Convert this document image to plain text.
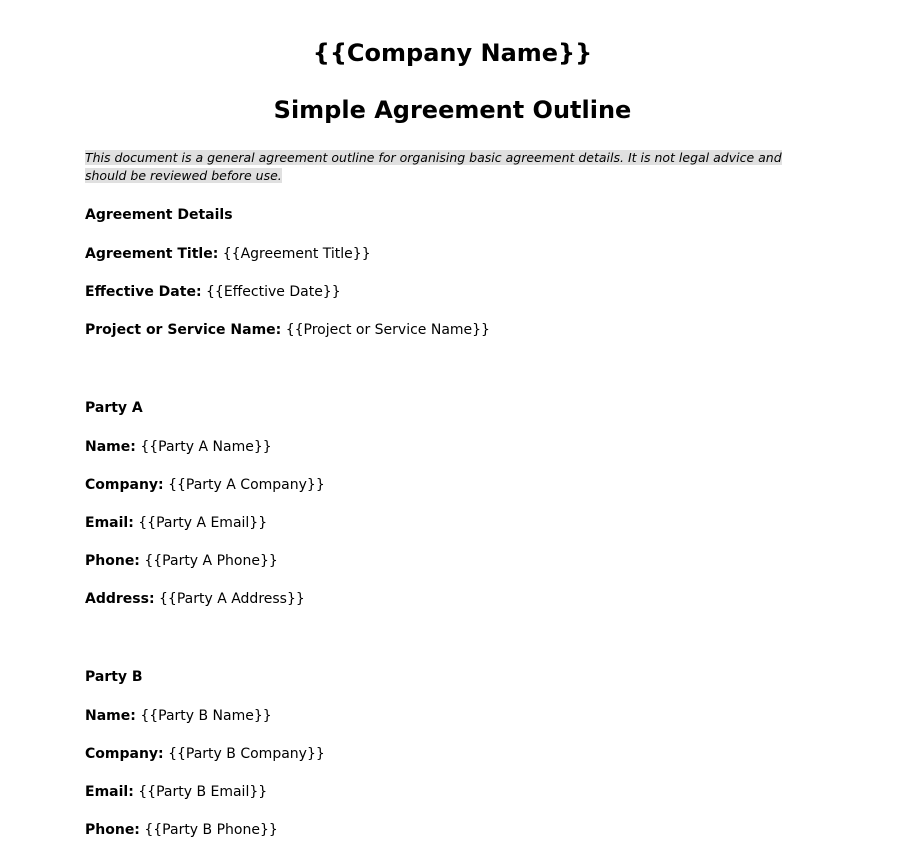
{{Company Name}}
Simple Agreement Outline
This document is a general agreement outline for organising basic agreement details. It is not legal advice and should be reviewed before use.
Agreement Details
Agreement Title: {{Agreement Title}}
Effective Date: {{Effective Date}}
Project or Service Name: {{Project or Service Name}}
Party A
Name: {{Party A Name}}
Company: {{Party A Company}}
Email: {{Party A Email}}
Phone: {{Party A Phone}}
Address: {{Party A Address}}
Party B
Name: {{Party B Name}}
Company: {{Party B Company}}
Email: {{Party B Email}}
Phone: {{Party B Phone}}
